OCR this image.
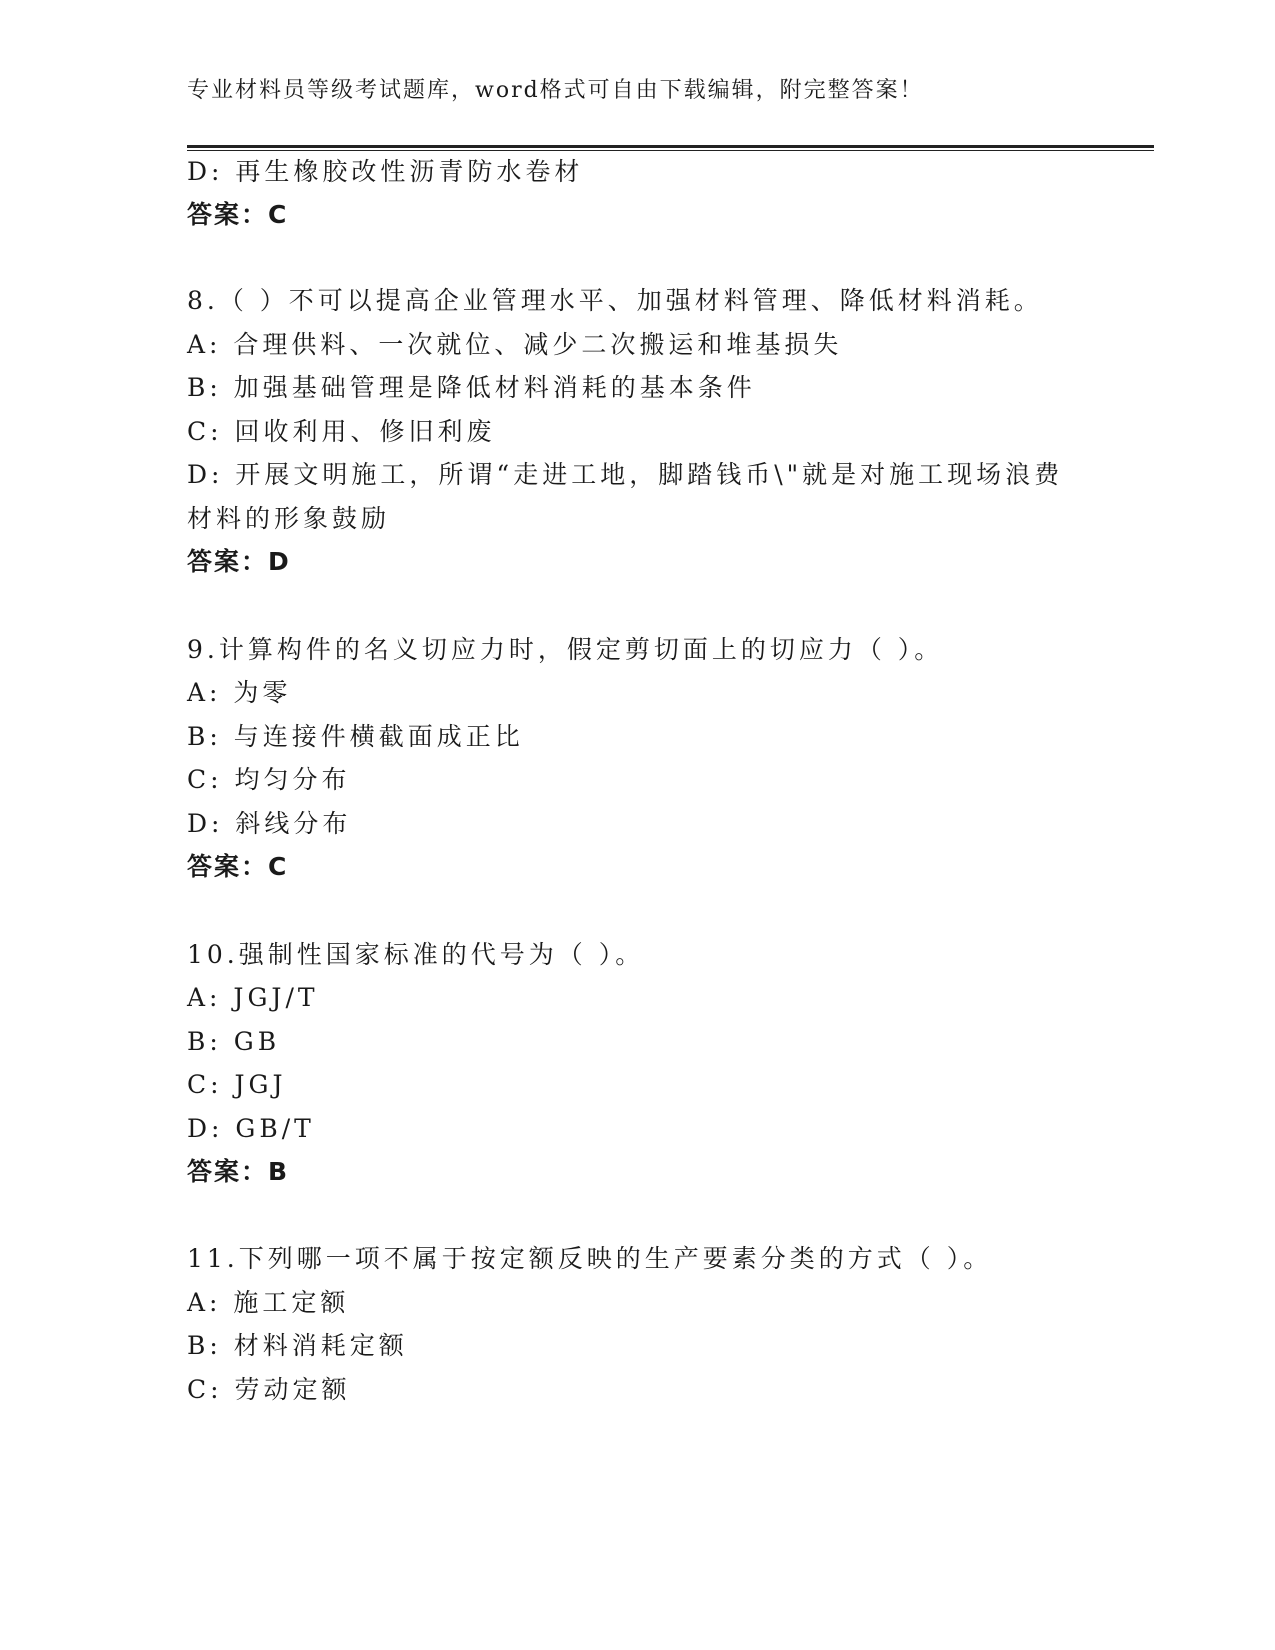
专业材料员等级考试题库，word格式可自由下载编辑，附完整答案！
D: 再生橡胶改性沥青防水卷材
答案：C
8.（ ）不可以提高企业管理水平、加强材料管理、降低材料消耗。
A: 合理供料、一次就位、减少二次搬运和堆基损失
B: 加强基础管理是降低材料消耗的基本条件
C: 回收利用、修旧利废
D: 开展文明施工，所谓“走进工地，脚踏钱币\"就是对施工现场浪费
材料的形象鼓励
答案：D
9.计算构件的名义切应力时，假定剪切面上的切应力（ ）。
A: 为零
B: 与连接件横截面成正比
C: 均匀分布
D: 斜线分布
答案：C
10.强制性国家标准的代号为（ ）。
A: JGJ/T
B: GB
C: JGJ
D: GB/T
答案：B
11.下列哪一项不属于按定额反映的生产要素分类的方式（ ）。
A: 施工定额
B: 材料消耗定额
C: 劳动定额
